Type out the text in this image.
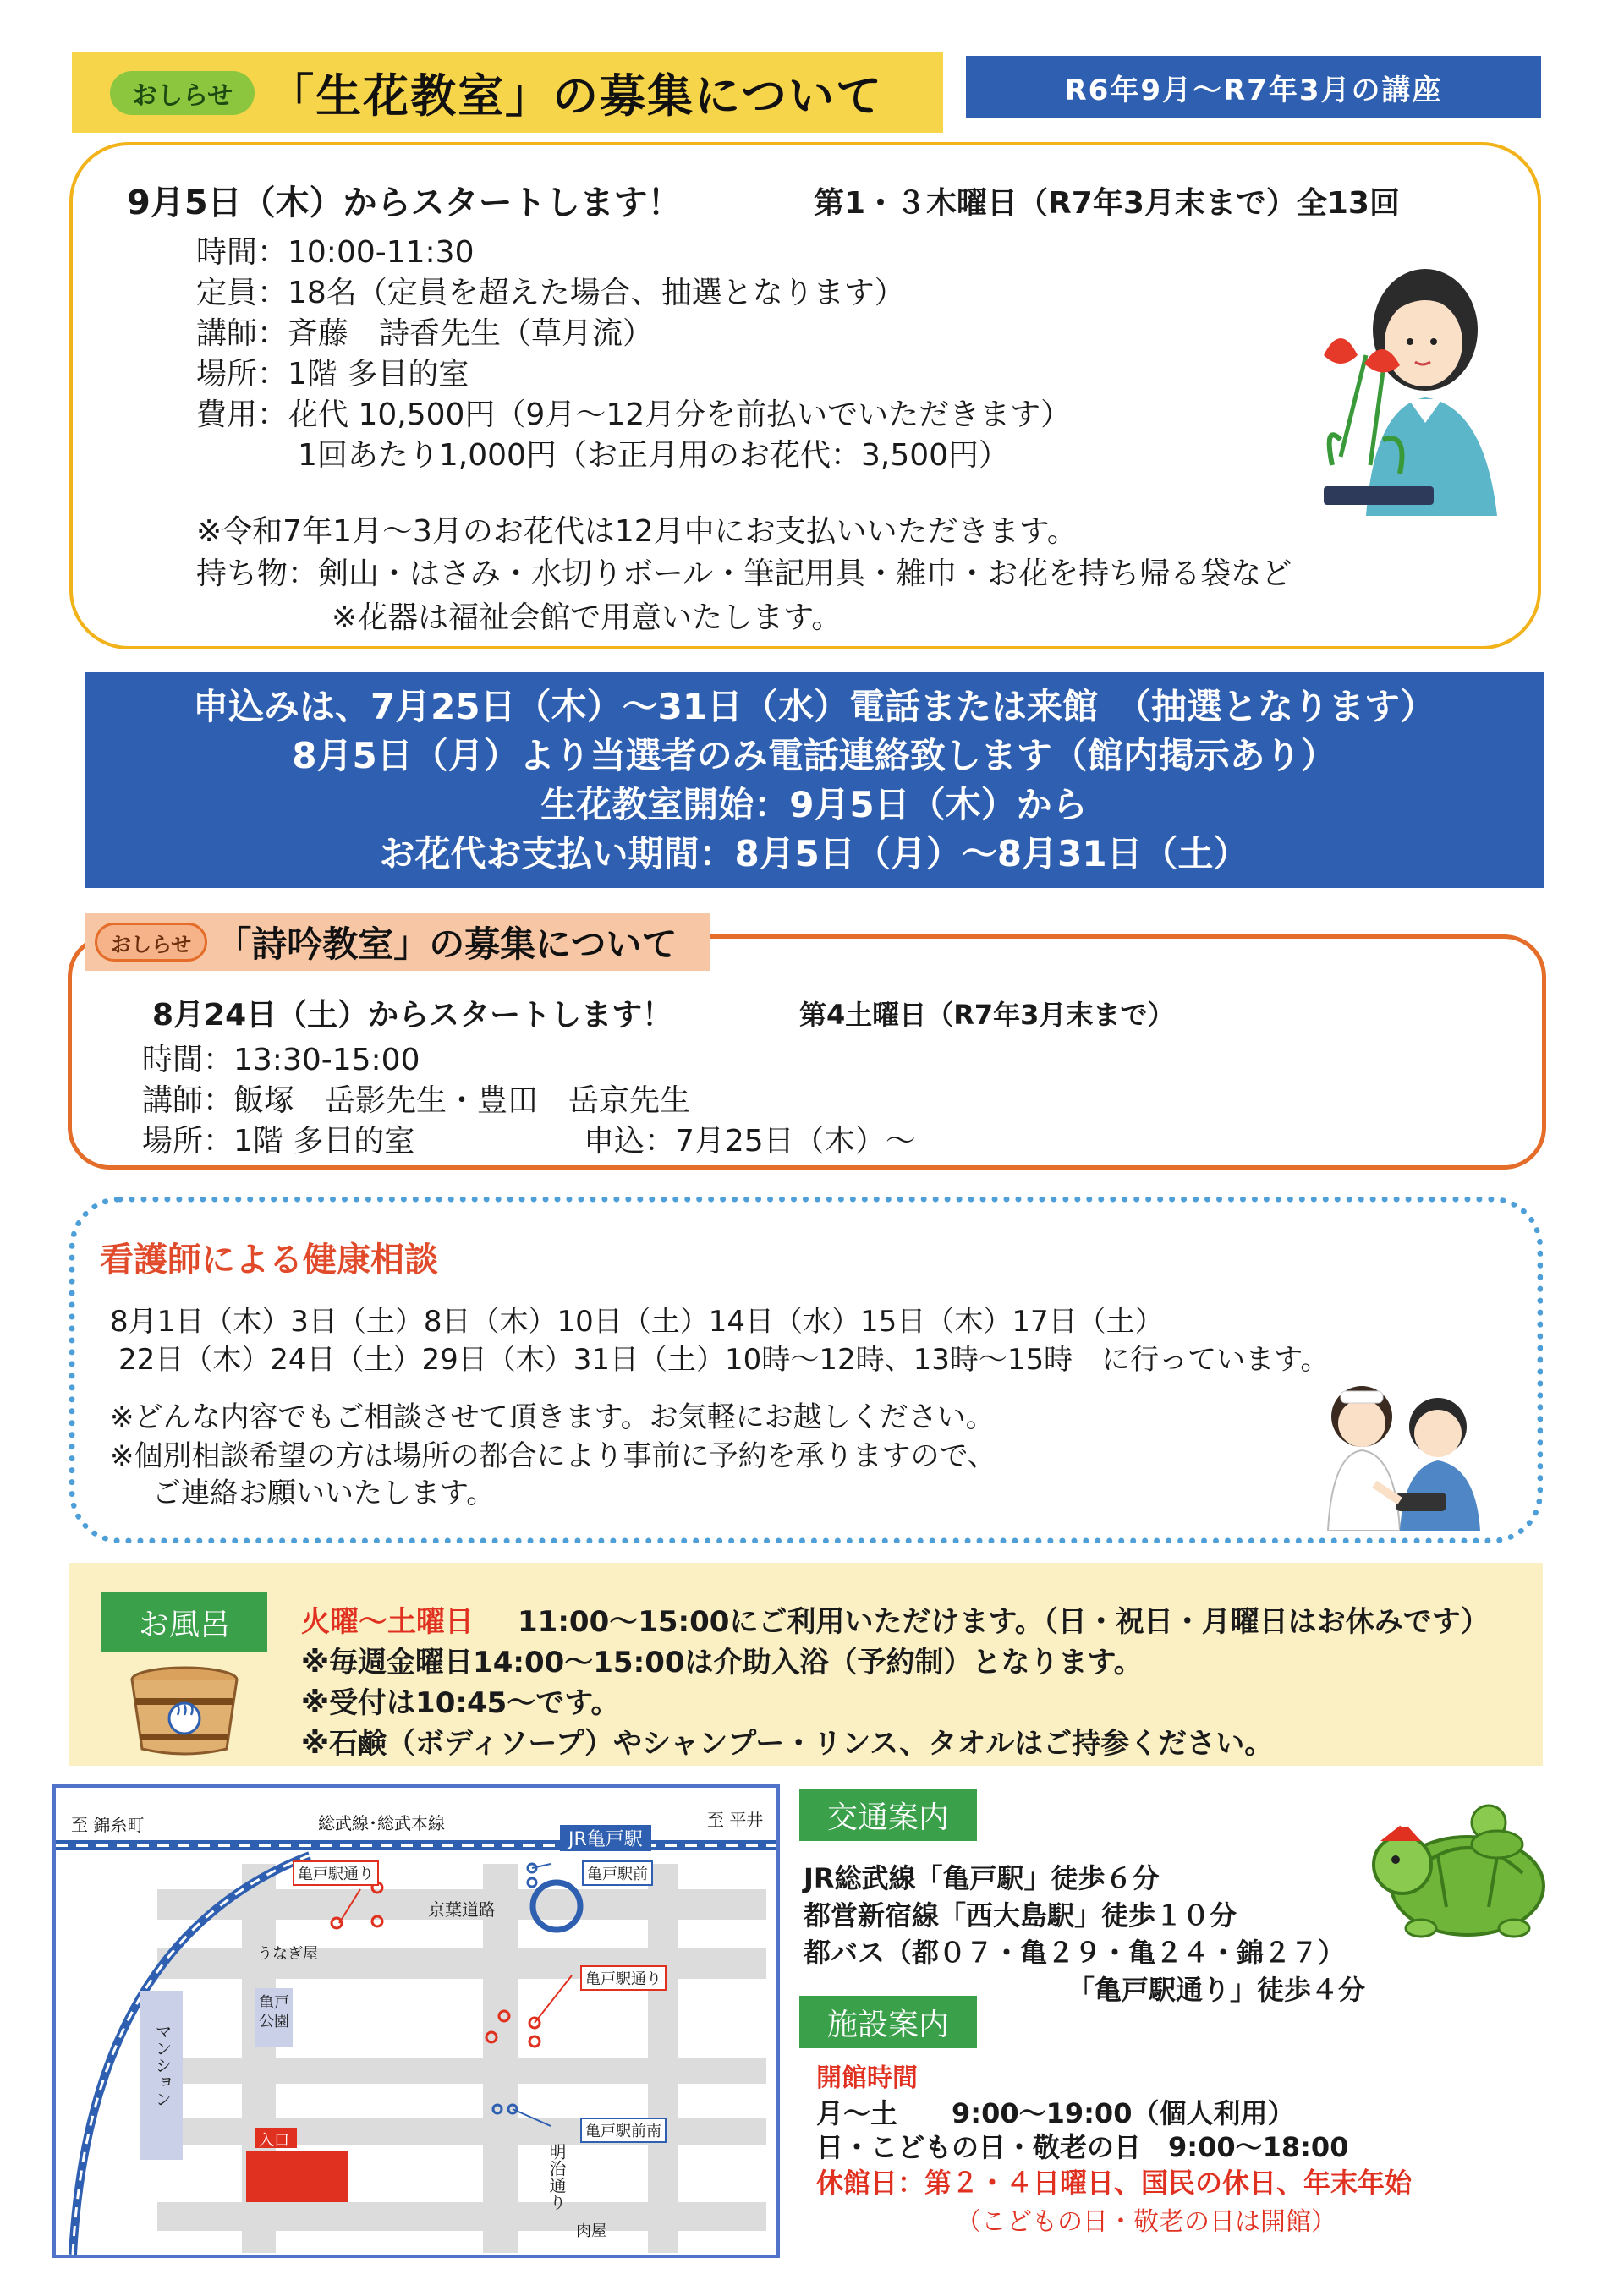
おしらせ 「生花教室」の募集について	R6年9月～R7年3月の講座
9月5日（木）からスタートします！	第1・３木曜日（R7年3月末まで）全13回
時間：10:00-11:30
定員：18名（定員を超えた場合、抽選となります）
講師：斉藤　詩香先生（草月流）
場所：1階 多目的室
費用：花代 10,500円（9月～12月分を前払いでいただきます）
1回あたり1,000円（お正月用のお花代：3,500円）
※令和7年1月～3月のお花代は12月中にお支払いいただきます。
持ち物：剣山・はさみ・水切りボール・筆記用具・雑巾・お花を持ち帰る袋など
※花器は福祉会館で用意いたします。
申込みは、7月25日（木）～31日（水）電話または来館　（抽選となります）
8月5日（月）より当選者のみ電話連絡致します（館内掲示あり）
生花教室開始：9月5日（木）から
お花代お支払い期間：8月5日（月）～8月31日（土）
おしらせ 「詩吟教室」の募集について
8月24日（土）からスタートします！	第4土曜日（R7年3月末まで）
時間：13:30-15:00
講師：飯塚　岳影先生・豊田　岳京先生
場所：1階 多目的室	申込：7月25日（木）～
看護師による健康相談
8月1日（木）3日（土）8日（木）10日（土）14日（水）15日（木）17日（土）
22日（木）24日（土）29日（木）31日（土）10時～12時、13時～15時　に行っています。
※どんな内容でもご相談させて頂きます。お気軽にお越しください。
※個別相談希望の方は場所の都合により事前に予約を承りますので、
ご連絡お願いいたします。
お風呂	火曜～土曜日 11:00～15:00にご利用いただけます。（日・祝日・月曜日はお休みです）
※毎週金曜日14:00～15:00は介助入浴（予約制）となります。
※受付は10:45～です。
※石鹸（ボディソープ）やシャンプー・リンス、タオルはご持参ください。
至 錦糸町	総武線･総武本線	至 平井
JR亀戸駅
亀戸駅通り	亀戸駅前
京葉道路
うなぎ屋
亀戸駅通り
亀戸
公園
マンション
入口
亀戸駅前南
明治通り
肉屋
交通案内
JR総武線「亀戸駅」徒歩６分
都営新宿線「西大島駅」徒歩１０分
都バス（都０７・亀２９・亀２４・錦２７）
「亀戸駅通り」徒歩４分
施設案内
開館時間
月～土　　9:00～19:00（個人利用）
日・こどもの日・敬老の日　9:00～18:00
休館日：第２・４日曜日、国民の休日、年末年始
（こどもの日・敬老の日は開館）
